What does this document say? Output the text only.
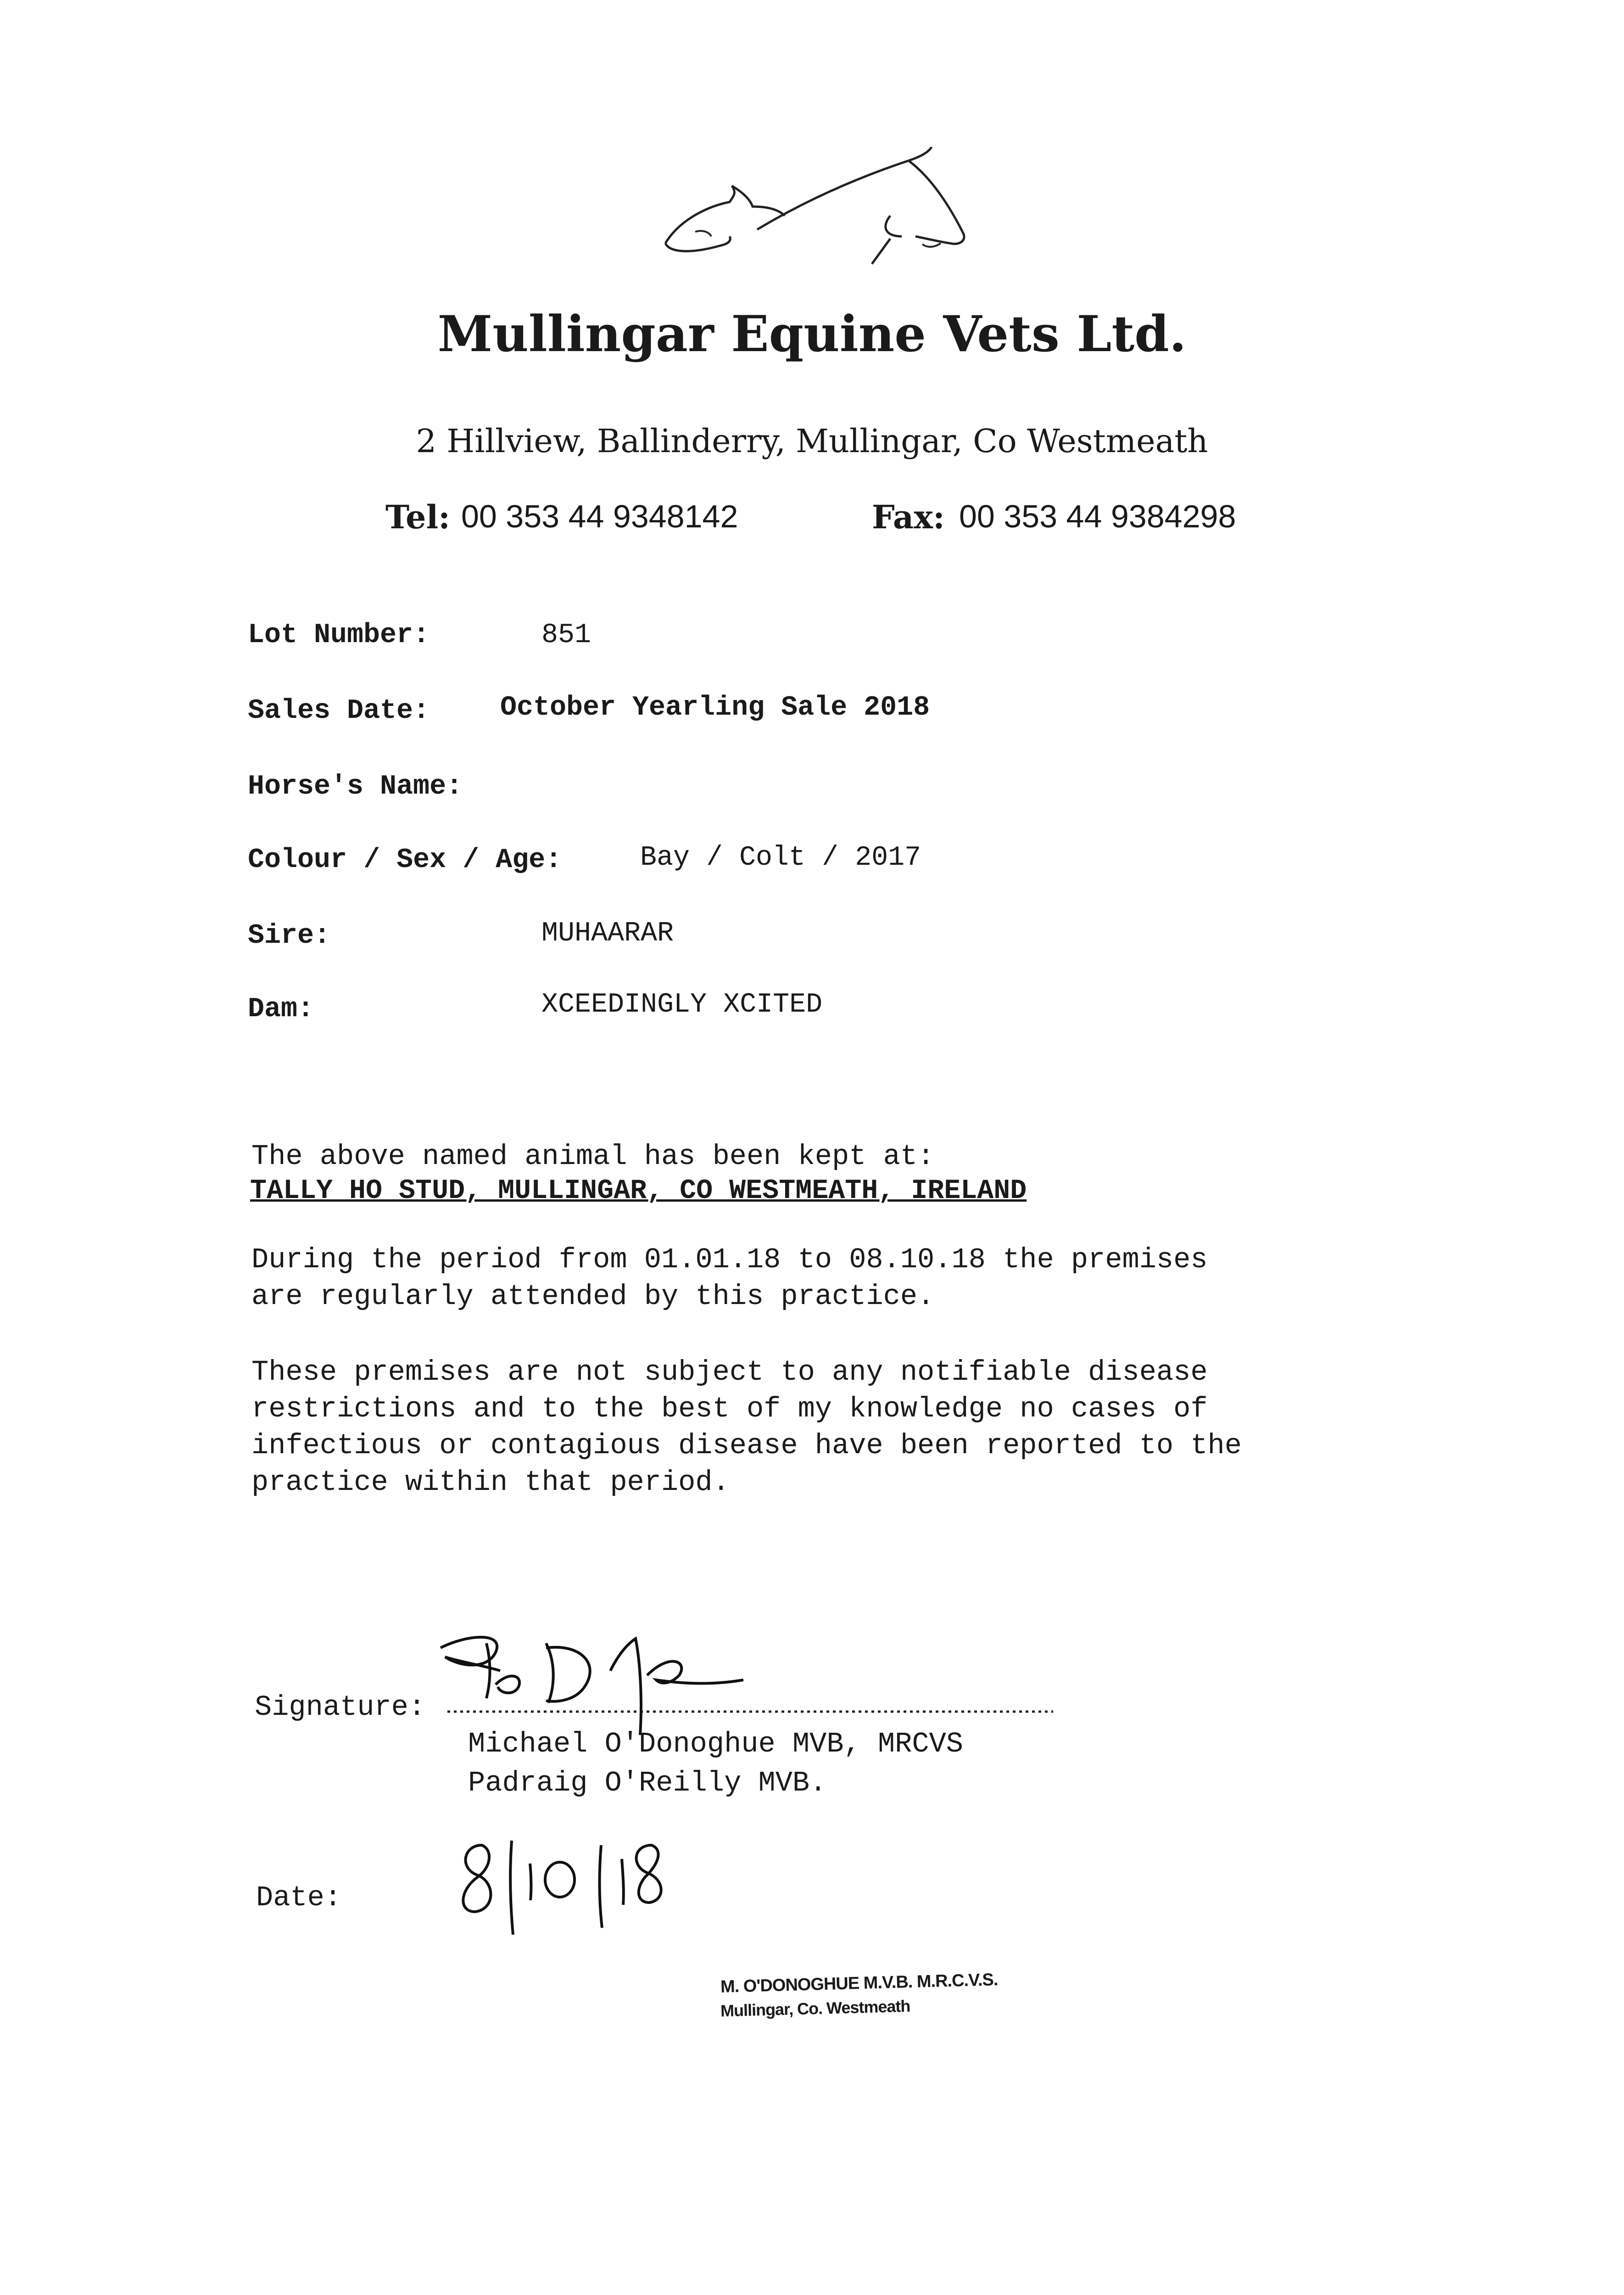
Mullingar Equine Vets Ltd.
2 Hillview, Ballinderry, Mullingar, Co Westmeath
Tel: 00 353 44 9348142	Fax: 00 353 44 9384298
Lot Number:	851
Sales Date:	October Yearling Sale 2018
Horse's Name:
Colour / Sex / Age:	Bay / Colt / 2017
Sire:	MUHAARAR
Dam:	XCEEDINGLY XCITED
The above named animal has been kept at:
TALLY HO STUD, MULLINGAR, CO WESTMEATH, IRELAND
During the period from 01.01.18 to 08.10.18 the premises
are regularly attended by this practice.
These premises are not subject to any notifiable disease
restrictions and to the best of my knowledge no cases of
infectious or contagious disease have been reported to the
practice within that period.
Signature:
Michael O'Donoghue MVB, MRCVS
Padraig O'Reilly MVB.
Date:
M. O'DONOGHUE M.V.B. M.R.C.V.S.
Mullingar, Co. Westmeath
